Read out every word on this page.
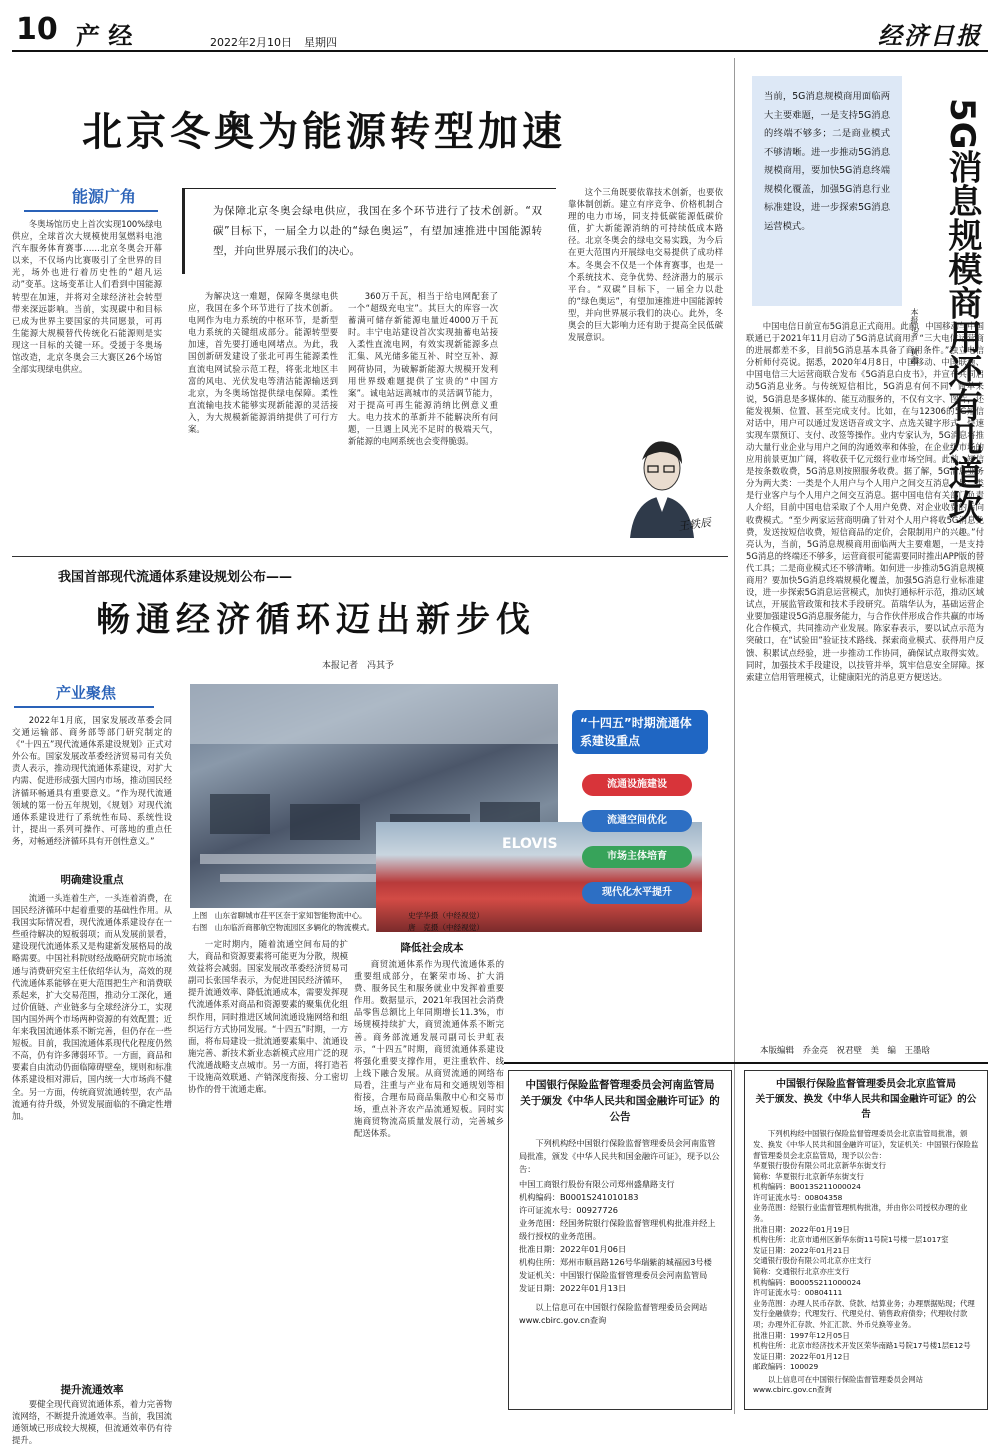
10 产 经	2022年2月10日 星期四	经济日报
北京冬奥为能源转型加速
能源广角

冬奥场馆历史上首次实现100%绿电供应，全球首次大规模使用氢燃料电池汽车服务体育赛事……北京冬奥会开幕以来，不仅场内比赛吸引了全世界的目光，场外也进行着历史性的“超凡运动”变革。这场变革让人们看到中国能源转型在加速，并将对全球经济社会转型带来深远影响。当前，实现碳中和目标已成为世界主要国家的共同愿景，可再生能源大规模替代传统化石能源则是实现这一目标的关键一环。受援于冬奥场馆改造，北京冬奥会三大赛区26个场馆全部实现绿电供应。

为保障北京冬奥会绿电供应，我国在多个环节进行了技术创新。“双碳”目标下，一届全力以赴的“绿色奥运”，有望加速推进中国能源转型，并向世界展示我们的决心。

为解决这一难题，保障冬奥绿电供应，我国在多个环节进行了技术创新。电网作为电力系统的中枢环节，是新型电力系统的关键组成部分。能源转型要加速，首先要打通电网堵点。为此，我国创新研发建设了张北可再生能源柔性直流电网试验示范工程，将张北地区丰富的风电、光伏发电等清洁能源输送到北京，为冬奥场馆提供绿电保障。柔性直流输电技术能够实现新能源的灵活接入，为大规模新能源消纳提供了可行方案。

360万千瓦，相当于给电网配套了一个“超级充电宝”。其巨大的库容一次蓄满可储存新能源电量近4000万千瓦时。丰宁电站建设首次实现抽蓄电站接入柔性直流电网，有效实现新能源多点汇集、风光储多能互补、时空互补、源网荷协同，为破解新能源大规模开发利用世界级难题提供了宝贵的“中国方案”。诚电站远离城市的灵活调节能力，对于提高可再生能源消纳比例意义重大。电力技术的革新并不能解决所有问题，一旦遇上风光不足时的极端天气，新能源的电网系统也会变得脆弱。

这个三角既要依靠技术创新，也要依靠体制创新。建立有序竞争、价格机制合理的电力市场，同支持低碳能源低碳价值，扩大新能源消纳的可持续低成本路径。北京冬奥会的绿电交易实践，为今后在更大范围内开展绿电交易提供了成功样本。冬奥会不仅是一个体育赛事，也是一个系统技术、竞争优势、经济潜力的展示平台。“双碳”目标下，一届全力以赴的“绿色奥运”，有望加速推进中国能源转型，并向世界展示我们的决心。此外，冬奥会的巨大影响力还有助于提高全民低碳发展意识。

王轶辰
当前，5G消息规模商用面临两大主要难题，一是支持5G消息的终端不够多；二是商业模式不够清晰。进一步推动5G消息规模商用，要加快5G消息终端规模化覆盖，加强5G消息行业标准建设，进一步探索5G消息运营模式。	5G消息规模商用还有几道坎
本报记者　黄鑫

中国电信日前宣布5G消息正式商用。此前，中国移动与中国联通已于2021年11月启动了5G消息试商用。“三大电信运营商的进展都差不多，目前5G消息基本具备了商用条件。”独立电信分析师付亮说。据悉，2020年4月8日，中国移动、中国联通、中国电信三大运营商联合发布《5G消息白皮书》，并宣布共同启动5G消息业务。与传统短信相比，5G消息有何不同？简单来说，5G消息是多媒体的、能互动服务的，不仅有文字、图片，还能发视频、位置、甚至完成支付。比如，在与12306的5G短信对话中，用户可以通过发送语音或文字、点选关键字形式，快速实现车票预订、支付、改签等操作。业内专家认为，5G消息将推动大量行业企业与用户之间的沟通效率和体验，在企业级市场的应用前景更加广阔，将收获千亿元级行业市场空间。此前，短信是按条数收费，5G消息则按照服务收费。据了解，5G消息业务分为两大类：一类是个人用户与个人用户之间交互消息，另一类是行业客户与个人用户之间交互消息。据中国电信有关部门负责人介绍，目前中国电信采取了个人用户免费、对企业收费的后向收费模式。“至少两家运营商明确了针对个人用户将收5G消息免费，发送按短信收费，短信商品的定价，会限制用户的兴趣。”付亮认为，当前，5G消息规模商用面临两大主要难题，一是支持5G消息的终端还不够多，运营商很可能需要同时推出APP版的替代工具；二是商业模式还不够清晰。如何进一步推动5G消息规模商用？要加快5G消息终端规模化覆盖，加强5G消息行业标准建设，进一步探索5G消息运营模式，加快打通标杆示范，推动区域试点，开展监管政策和技术手段研究。苗瑞华认为，基础运营企业要加强建设5G消息服务能力，与合作伙伴形成合作共赢的市场化合作模式，共同推动产业发展。陈家春表示，要以试点示范为突破口，在“试验田”验证技术路线、探索商业模式、获得用户反馈、积累试点经验，进一步推动工作协同，确保试点取得实效。同时，加强技术手段建设，以技管并举，筑牢信息安全屏障。探索建立信用管理模式，让健康阳光的消息更方便送达。

我国首部现代流通体系建设规划公布——
畅通经济循环迈出新步伐
本报记者　冯其予
产业聚焦

2022年1月底，国家发展改革委会同交通运输部、商务部等部门研究制定的《“十四五”现代流通体系建设规划》正式对外公布。国家发展改革委经济贸易司有关负责人表示，推动现代流通体系建设，对扩大内需、促进形成强大国内市场，推动国民经济循环畅通具有重要意义。“作为现代流通领域的第一份五年规划，《规划》对现代流通体系建设进行了系统性布局、系统性设计，提出一系列可操作、可落地的重点任务，对畅通经济循环具有开创性意义。”

明确建设重点

流通一头连着生产，一头连着消费，在国民经济循环中起着重要的基础性作用。从我国实际情况看，现代流通体系建设存在一些亟待解决的短板弱项；而从发展前景看，建设现代流通体系又是构建新发展格局的战略需要。中国社科院财经战略研究院市场流通与消费研究室主任依绍华认为，高效的现代流通体系能够在更大范围把生产和消费联系起来，扩大交易范围，推动分工深化，通过价值链、产业链多与全球经济分工，实现国内国外两个市场两种资源的有效配置；近年来我国流通体系不断完善，但仍存在一些短板。目前，我国流通体系现代化程度仍然不高，仍有许多薄弱环节。一方面，商品和要素自由流动仍面临障碍壁垒，规则和标准体系建设相对滞后，国内统一大市场尚不健全。另一方面，传统商贸流通转型，农产品流通有待升级，外贸发展面临的不确定性增加。

提升流通效率

要健全现代商贸流通体系，着力完善物流网络，不断提升流通效率。当前，我国流通领域已形成较大规模，但流通效率仍有待提升。

ELOVIS
“十四五”时期流通体系建设重点
流通设施建设
流通空间优化
市场主体培育
现代化水平提升
上图　山东省聊城市茌平区奈于家知智能物流中心。
右图　山东临沂商都航空物流园区多辆化的物流模式。
史学华摄（中经视觉）
唐　克摄（中经视觉）

一定时期内，随着流通空间布局的扩大，商品和资源要素将可能更为分散，规模效益将会减弱。国家发展改革委经济贸易司副司长张国华表示，为促进国民经济循环，提升流通效率、降低流通成本，需要发挥现代流通体系对商品和资源要素的聚集优化组织作用，同时推进区域间流通设施网络和组织运行方式协同发展。“十四五”时期，一方面，将布局建设一批流通要素集中、流通设施完善、新技术新业态新模式应用广泛的现代流通战略支点城市。另一方面，将打造若干设施高效联通、产销深度衔接、分工密切协作的骨干流通走廊。

降低社会成本

商贸流通体系作为现代流通体系的重要组成部分，在繁荣市场、扩大消费、服务民生和服务就业中发挥着重要作用。数据显示，2021年我国社会消费品零售总额比上年同期增长11.3%，市场规模持续扩大，商贸流通体系不断完善。商务部流通发展司副司长尹虹表示，“十四五”时期，商贸流通体系建设将强化重要支撑作用，更注重软件、线上线下融合发展。从商贸流通的网络布局看，注重与产业布局和交通规划等相衔接，合理布局商品集散中心和交易市场，重点补齐农产品流通短板。同时实施商贸物流高质量发展行动，完善城乡配送体系。

本版编辑　乔金亮　祝君壁　美　编　王墨晗
中国银行保险监督管理委员会河南监管局
关于颁发《中华人民共和国金融许可证》的公告
下列机构经中国银行保险监督管理委员会河南监管局批准，颁发《中华人民共和国金融许可证》，现予以公告：
中国工商银行股份有限公司郑州盛鼎路支行
机构编码：B0001S241010183
许可证流水号：00927726
业务范围：经国务院银行保险监督管理机构批准并经上级行授权的业务范围。
批准日期：2022年01月06日
机构住所：郑州市顺昌路126号华瑞紫韵城福园3号楼
发证机关：中国银行保险监督管理委员会河南监管局
发证日期：2022年01月13日
以上信息可在中国银行保险监督管理委员会网站www.cbirc.gov.cn查询
中国银行保险监督管理委员会北京监管局
关于颁发、换发《中华人民共和国金融许可证》的公告
下列机构经中国银行保险监督管理委员会北京监管局批准，颁发、换发《中华人民共和国金融许可证》，发证机关：中国银行保险监督管理委员会北京监管局，现予以公告：
华夏银行股份有限公司北京新华东街支行
简称：华夏银行北京新华东街支行
机构编码：B0013S211000024
许可证流水号：00804358
业务范围：经银行业监督管理机构批准，并由你公司授权办理的业务。
批准日期：2022年01月19日
机构住所：北京市通州区新华东街11号院1号楼一层1017室
发证日期：2022年01月21日
交通银行股份有限公司北京亦庄支行
简称：交通银行北京亦庄支行
机构编码：B0005S211000024
许可证流水号：00804111
业务范围：办理人民币存款、贷款、结算业务；办理票据贴现；代理发行金融债券；代理发行、代理兑付、销售政府债券；代理收付款项；办理外汇存款、外汇汇款、外币兑换等业务。
批准日期：1997年12月05日
机构住所：北京市经济技术开发区荣华南路1号院17号楼1层E12号
发证日期：2022年01月12日
邮政编码：100029
以上信息可在中国银行保险监督管理委员会网站www.cbirc.gov.cn查询
